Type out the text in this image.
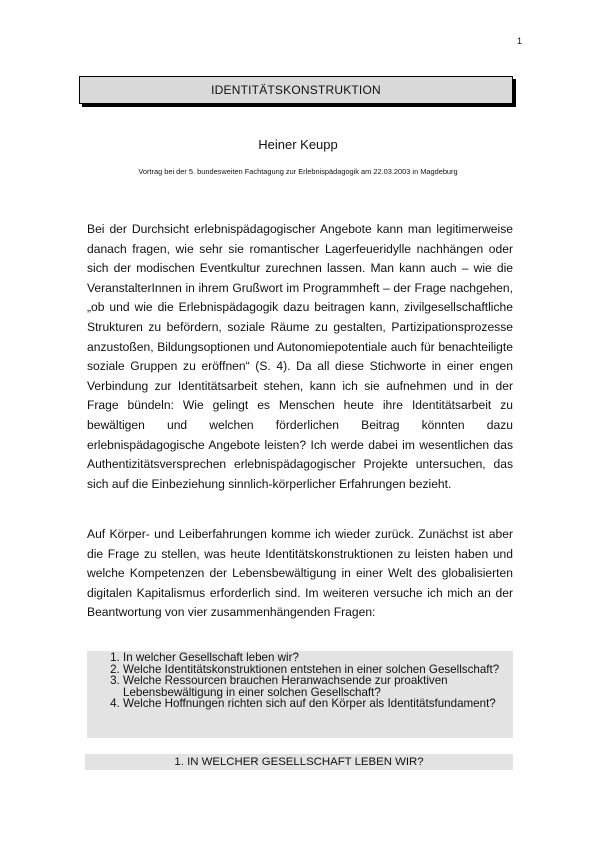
1
IDENTITÄTSKONSTRUKTION
Heiner Keupp
Vortrag bei der 5. bundesweiten Fachtagung zur Erlebnispädagogik am 22.03.2003 in Magdeburg

Bei der Durchsicht erlebnispädagogischer Angebote kann man legitimerweise danach fragen, wie sehr sie romantischer Lagerfeueridylle nachhängen oder sich der modischen Eventkultur zurechnen lassen. Man kann auch – wie die VeranstalterInnen in ihrem Grußwort im Programmheft – der Frage nachgehen, „ob und wie die Erlebnispädagogik dazu beitragen kann, zivilgesellschaftliche Strukturen zu befördern, soziale Räume zu gestalten, Partizipationsprozesse anzustoßen, Bildungsoptionen und Autonomiepotentiale auch für benachteiligte soziale Gruppen zu eröffnen“ (S. 4). Da all diese Stichworte in einer engen Verbindung zur Identitätsarbeit stehen, kann ich sie aufnehmen und in der Frage bündeln: Wie gelingt es Menschen heute ihre Identitätsarbeit zu bewältigen und welchen förderlichen Beitrag könnten dazu erlebnispädagogische Angebote leisten? Ich werde dabei im wesentlichen das Authentizitätsversprechen erlebnispädagogischer Projekte untersuchen, das sich auf die Einbeziehung sinnlich-körperlicher Erfahrungen bezieht.

Auf Körper- und Leiberfahrungen komme ich wieder zurück. Zunächst ist aber die Frage zu stellen, was heute Identitätskonstruktionen zu leisten haben und welche Kompetenzen der Lebensbewältigung in einer Welt des globalisierten digitalen Kapitalismus erforderlich sind. Im weiteren versuche ich mich an der Beantwortung von vier zusammenhängenden Fragen:

1. In welcher Gesellschaft leben wir?
2. Welche Identitätskonstruktionen entstehen in einer solchen Gesellschaft?
3. Welche Ressourcen brauchen Heranwachsende zur proaktiven Lebensbewältigung in einer solchen Gesellschaft?
4. Welche Hoffnungen richten sich auf den Körper als Identitätsfundament?
1. IN WELCHER GESELLSCHAFT LEBEN WIR?
